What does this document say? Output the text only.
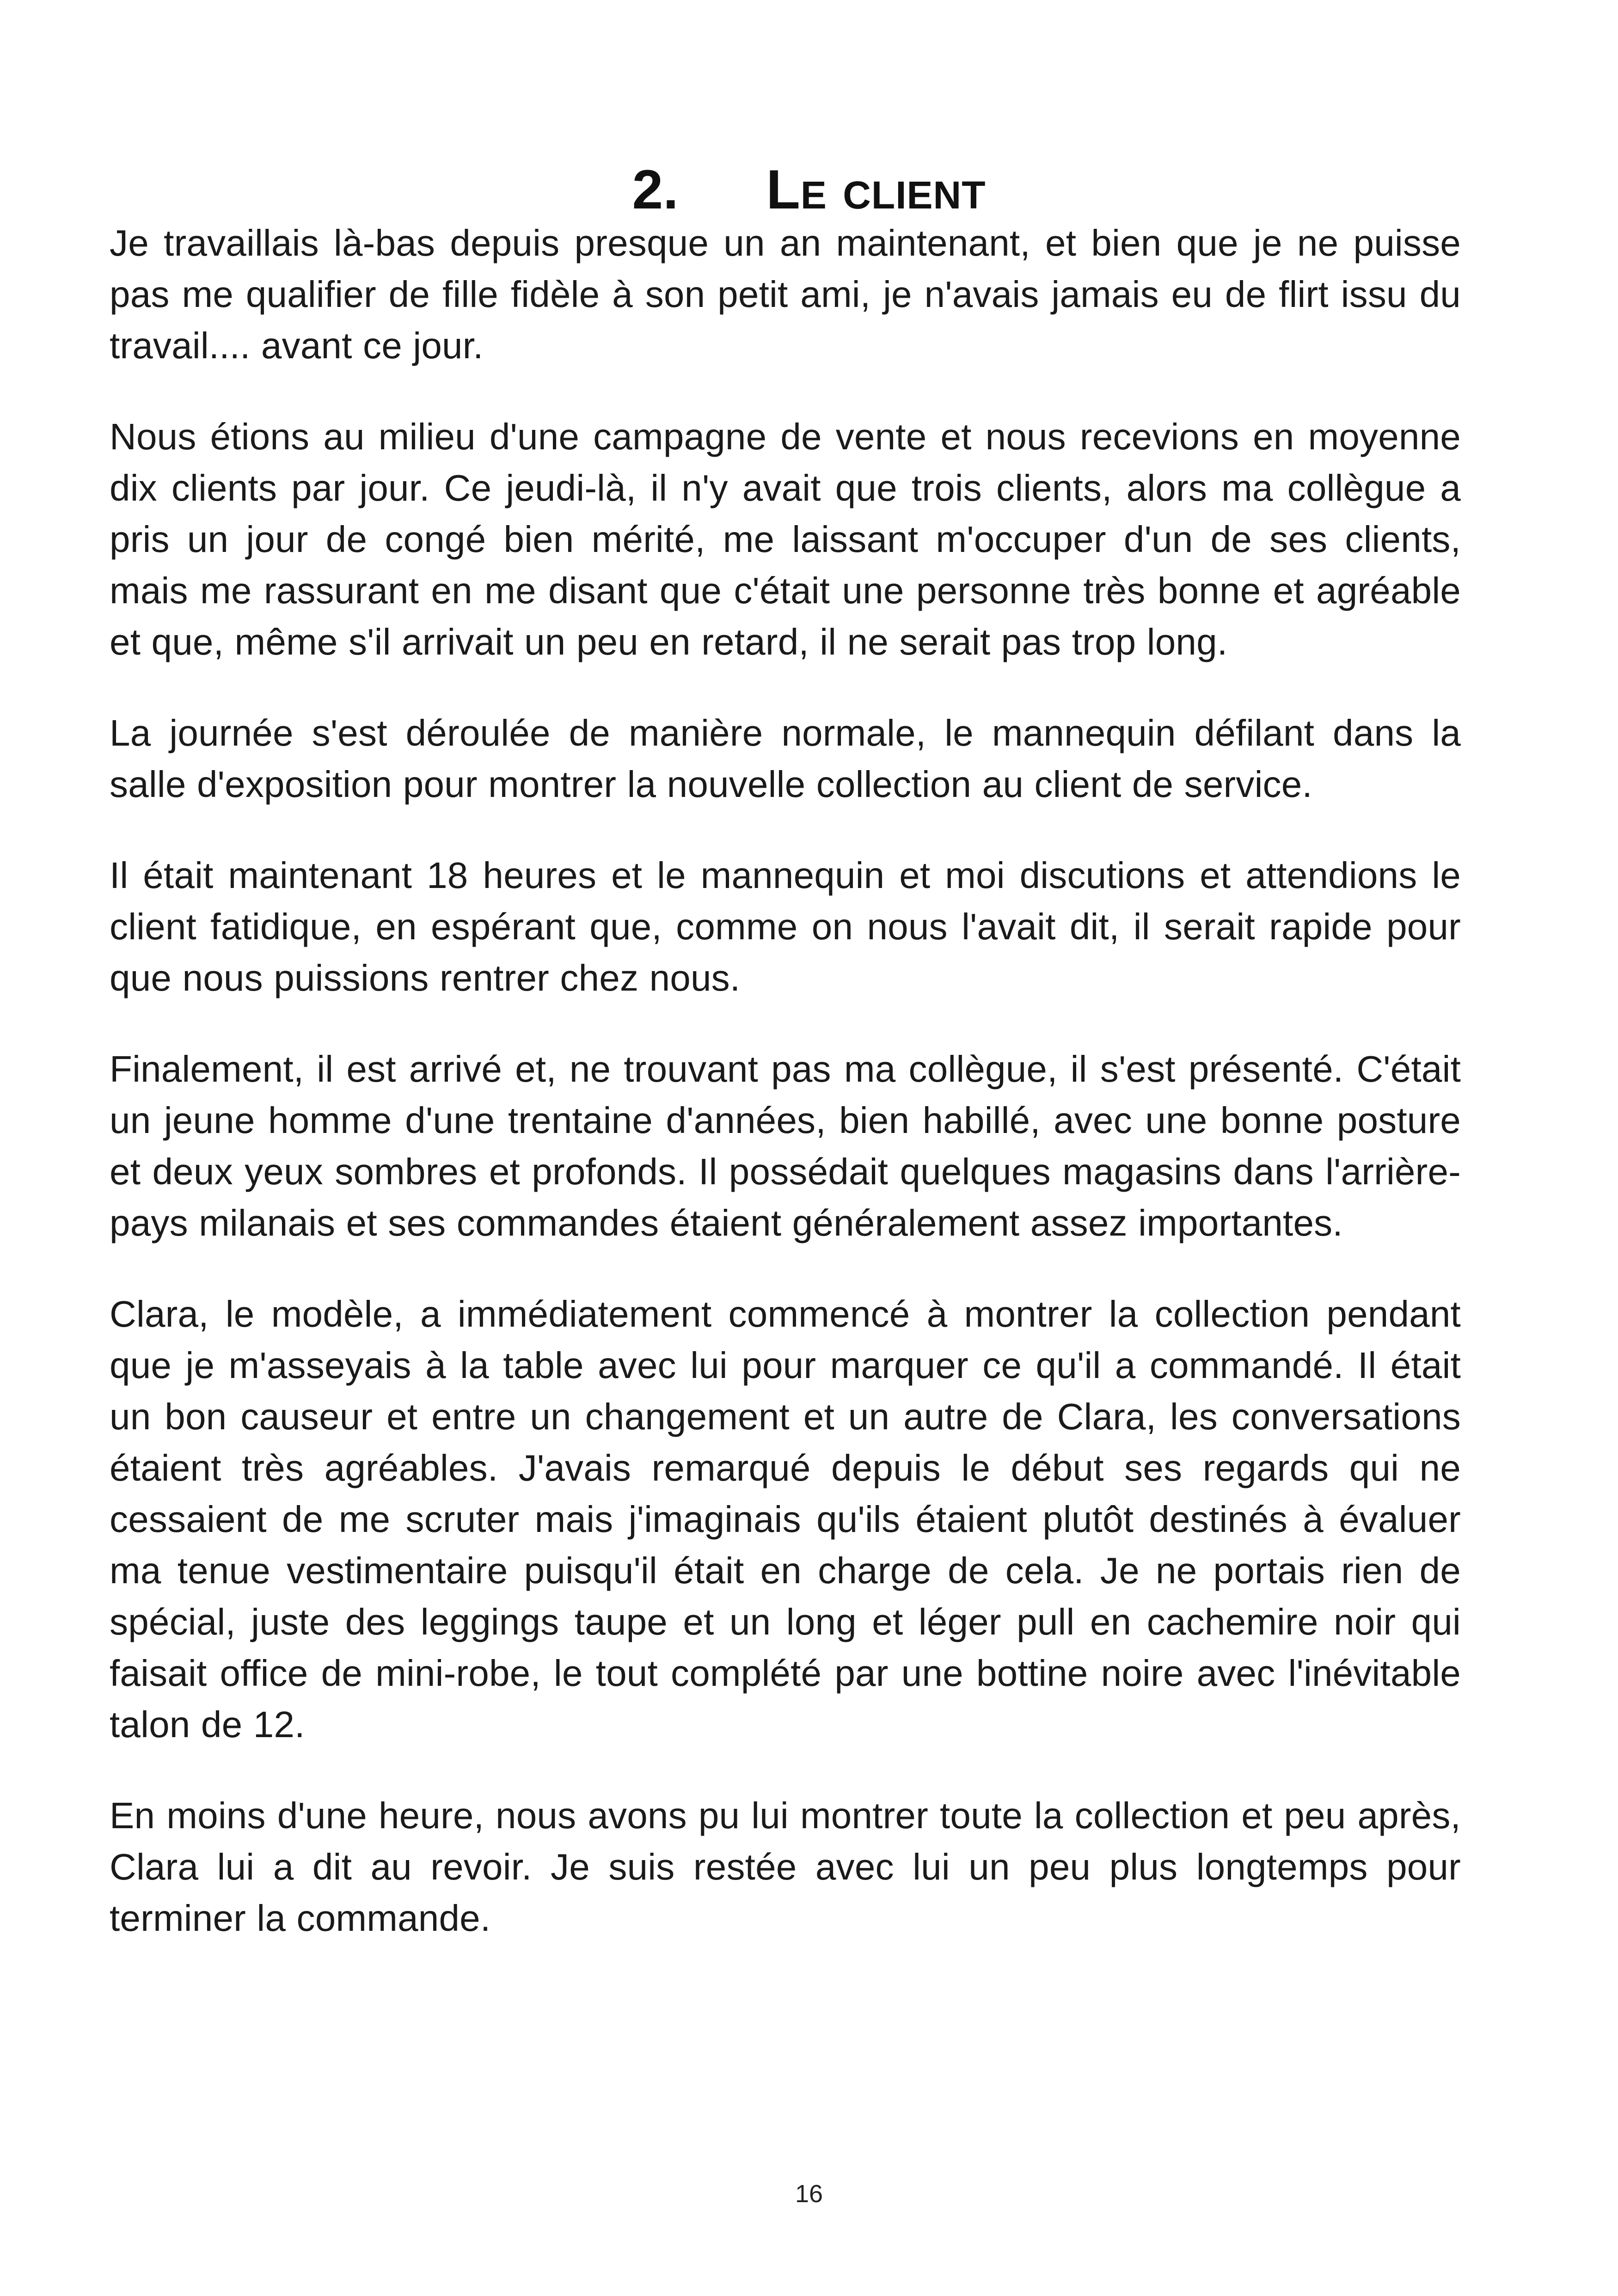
2. Le client

Je travaillais là-bas depuis presque un an maintenant, et bien que je ne puisse pas me qualifier de fille fidèle à son petit ami, je n'avais jamais eu de flirt issu du travail.... avant ce jour.

Nous étions au milieu d'une campagne de vente et nous recevions en moyenne dix clients par jour. Ce jeudi-là, il n'y avait que trois clients, alors ma collègue a pris un jour de congé bien mérité, me laissant m'occuper d'un de ses clients, mais me rassurant en me disant que c'était une personne très bonne et agréable et que, même s'il arrivait un peu en retard, il ne serait pas trop long.

La journée s'est déroulée de manière normale, le mannequin défilant dans la salle d'exposition pour montrer la nouvelle collection au client de service.

Il était maintenant 18 heures et le mannequin et moi discutions et attendions le client fatidique, en espérant que, comme on nous l'avait dit, il serait rapide pour que nous puissions rentrer chez nous.

Finalement, il est arrivé et, ne trouvant pas ma collègue, il s'est présenté. C'était un jeune homme d'une trentaine d'années, bien habillé, avec une bonne posture et deux yeux sombres et profonds. Il possédait quelques magasins dans l'arrière-pays milanais et ses commandes étaient généralement assez importantes.

Clara, le modèle, a immédiatement commencé à montrer la collection pendant que je m'asseyais à la table avec lui pour marquer ce qu'il a commandé. Il était un bon causeur et entre un changement et un autre de Clara, les conversations étaient très agréables. J'avais remarqué depuis le début ses regards qui ne cessaient de me scruter mais j'imaginais qu'ils étaient plutôt destinés à évaluer ma tenue vestimentaire puisqu'il était en charge de cela. Je ne portais rien de spécial, juste des leggings taupe et un long et léger pull en cachemire noir qui faisait office de mini-robe, le tout complété par une bottine noire avec l'inévitable talon de 12.

En moins d'une heure, nous avons pu lui montrer toute la collection et peu après, Clara lui a dit au revoir. Je suis restée avec lui un peu plus longtemps pour terminer la commande.

16
